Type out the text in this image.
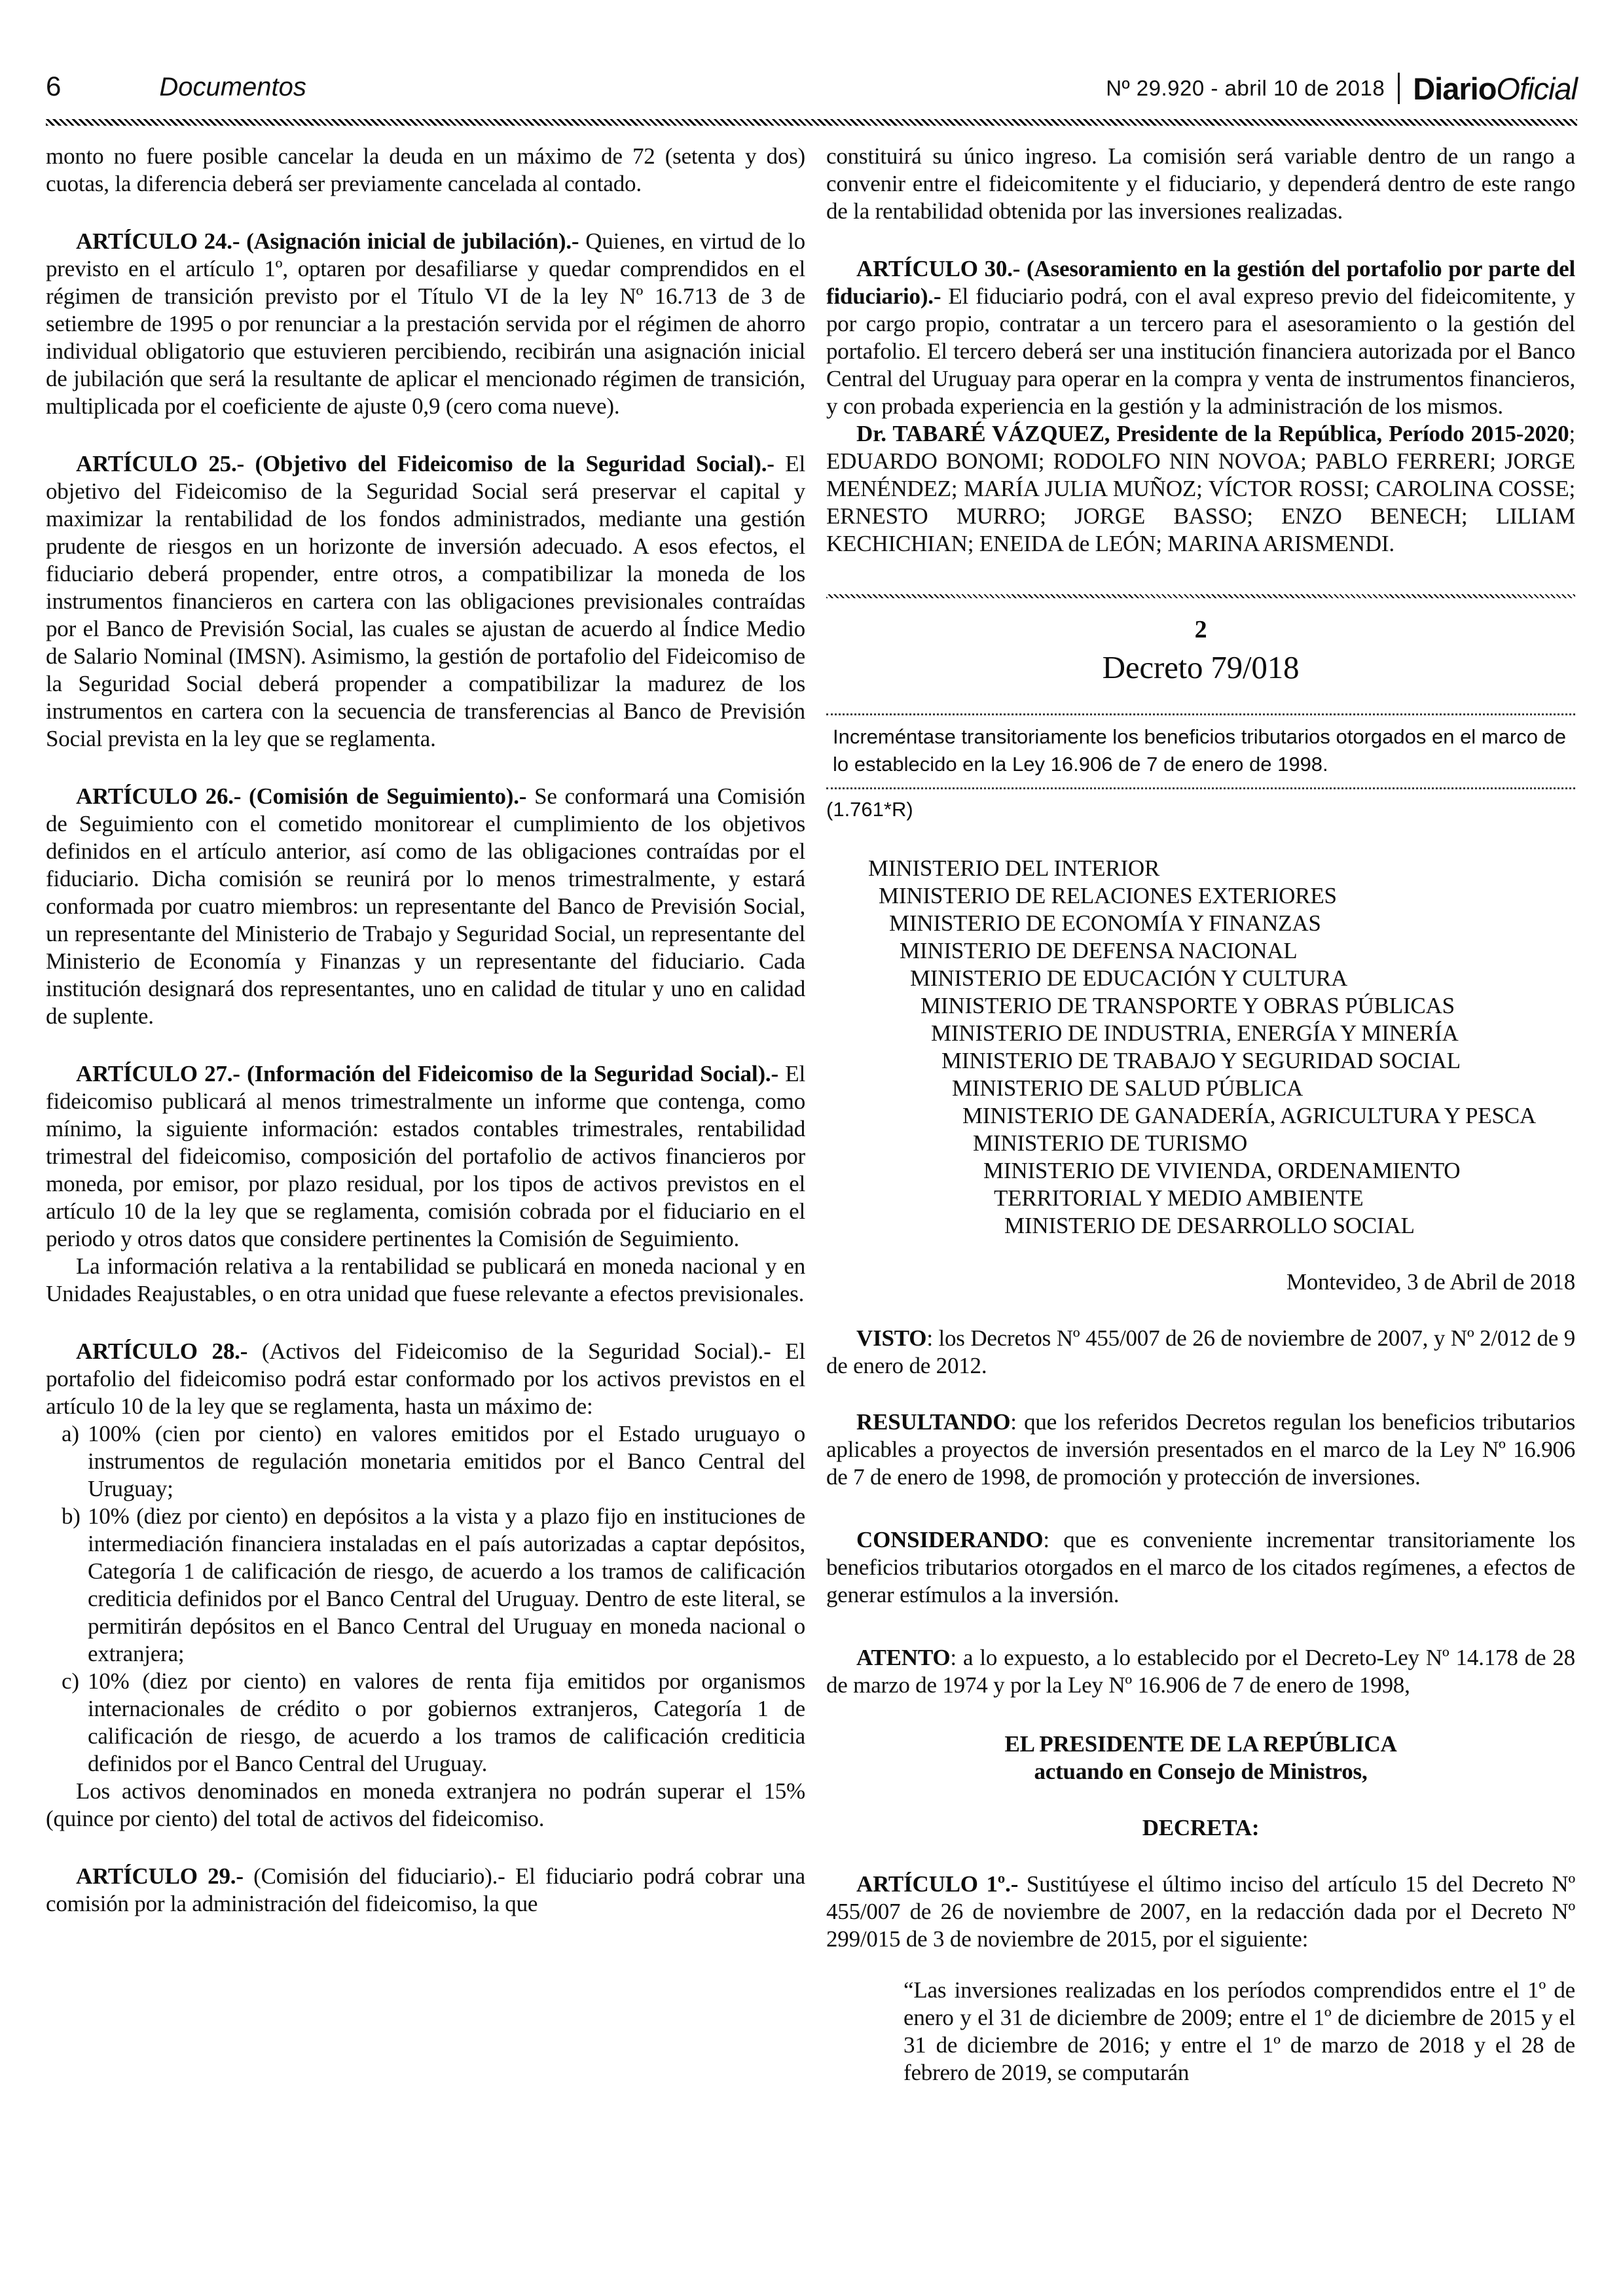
6	Documentos	Nº 29.920 - abril 10 de 2018 DiarioOficial

monto no fuere posible cancelar la deuda en un máximo de 72 (setenta y dos) cuotas, la diferencia deberá ser previamente cancelada al contado.

ARTÍCULO 24.- (Asignación inicial de jubilación).- Quienes, en virtud de lo previsto en el artículo 1º, optaren por desafiliarse y quedar comprendidos en el régimen de transición previsto por el Título VI de la ley Nº 16.713 de 3 de setiembre de 1995 o por renunciar a la prestación servida por el régimen de ahorro individual obligatorio que estuvieren percibiendo, recibirán una asignación inicial de jubilación que será la resultante de aplicar el mencionado régimen de transición, multiplicada por el coeficiente de ajuste 0,9 (cero coma nueve).

ARTÍCULO 25.- (Objetivo del Fideicomiso de la Seguridad Social).- El objetivo del Fideicomiso de la Seguridad Social será preservar el capital y maximizar la rentabilidad de los fondos administrados, mediante una gestión prudente de riesgos en un horizonte de inversión adecuado. A esos efectos, el fiduciario deberá propender, entre otros, a compatibilizar la moneda de los instrumentos financieros en cartera con las obligaciones previsionales contraídas por el Banco de Previsión Social, las cuales se ajustan de acuerdo al Índice Medio de Salario Nominal (IMSN). Asimismo, la gestión de portafolio del Fideicomiso de la Seguridad Social deberá propender a compatibilizar la madurez de los instrumentos en cartera con la secuencia de transferencias al Banco de Previsión Social prevista en la ley que se reglamenta.

ARTÍCULO 26.- (Comisión de Seguimiento).- Se conformará una Comisión de Seguimiento con el cometido monitorear el cumplimiento de los objetivos definidos en el artículo anterior, así como de las obligaciones contraídas por el fiduciario. Dicha comisión se reunirá por lo menos trimestralmente, y estará conformada por cuatro miembros: un representante del Banco de Previsión Social, un representante del Ministerio de Trabajo y Seguridad Social, un representante del Ministerio de Economía y Finanzas y un representante del fiduciario. Cada institución designará dos representantes, uno en calidad de titular y uno en calidad de suplente.

ARTÍCULO 27.- (Información del Fideicomiso de la Seguridad Social).- El fideicomiso publicará al menos trimestralmente un informe que contenga, como mínimo, la siguiente información: estados contables trimestrales, rentabilidad trimestral del fideicomiso, composición del portafolio de activos financieros por moneda, por emisor, por plazo residual, por los tipos de activos previstos en el artículo 10 de la ley que se reglamenta, comisión cobrada por el fiduciario en el periodo y otros datos que considere pertinentes la Comisión de Seguimiento.

La información relativa a la rentabilidad se publicará en moneda nacional y en Unidades Reajustables, o en otra unidad que fuese relevante a efectos previsionales.

ARTÍCULO 28.- (Activos del Fideicomiso de la Seguridad Social).- El portafolio del fideicomiso podrá estar conformado por los activos previstos en el artículo 10 de la ley que se reglamenta, hasta un máximo de:

a) 100% (cien por ciento) en valores emitidos por el Estado uruguayo o instrumentos de regulación monetaria emitidos por el Banco Central del Uruguay;
b) 10% (diez por ciento) en depósitos a la vista y a plazo fijo en instituciones de intermediación financiera instaladas en el país autorizadas a captar depósitos, Categoría 1 de calificación de riesgo, de acuerdo a los tramos de calificación crediticia definidos por el Banco Central del Uruguay. Dentro de este literal, se permitirán depósitos en el Banco Central del Uruguay en moneda nacional o extranjera;
c) 10% (diez por ciento) en valores de renta fija emitidos por organismos internacionales de crédito o por gobiernos extranjeros, Categoría 1 de calificación de riesgo, de acuerdo a los tramos de calificación crediticia definidos por el Banco Central del Uruguay.

Los activos denominados en moneda extranjera no podrán superar el 15% (quince por ciento) del total de activos del fideicomiso.

ARTÍCULO 29.- (Comisión del fiduciario).- El fiduciario podrá cobrar una comisión por la administración del fideicomiso, la que

constituirá su único ingreso. La comisión será variable dentro de un rango a convenir entre el fideicomitente y el fiduciario, y dependerá dentro de este rango de la rentabilidad obtenida por las inversiones realizadas.

ARTÍCULO 30.- (Asesoramiento en la gestión del portafolio por parte del fiduciario).- El fiduciario podrá, con el aval expreso previo del fideicomitente, y por cargo propio, contratar a un tercero para el asesoramiento o la gestión del portafolio. El tercero deberá ser una institución financiera autorizada por el Banco Central del Uruguay para operar en la compra y venta de instrumentos financieros, y con probada experiencia en la gestión y la administración de los mismos.

Dr. TABARÉ VÁZQUEZ, Presidente de la República, Período 2015-2020; EDUARDO BONOMI; RODOLFO NIN NOVOA; PABLO FERRERI; JORGE MENÉNDEZ; MARÍA JULIA MUÑOZ; VÍCTOR ROSSI; CAROLINA COSSE; ERNESTO MURRO; JORGE BASSO; ENZO BENECH; LILIAM KECHICHIAN; ENEIDA de LEÓN; MARINA ARISMENDI.

2
Decreto 79/018
Increméntase transitoriamente los beneficios tributarios otorgados en el marco de lo establecido en la Ley 16.906 de 7 de enero de 1998.
(1.761*R)
MINISTERIO DEL INTERIOR
MINISTERIO DE RELACIONES EXTERIORES
MINISTERIO DE ECONOMÍA Y FINANZAS
MINISTERIO DE DEFENSA NACIONAL
MINISTERIO DE EDUCACIÓN Y CULTURA
MINISTERIO DE TRANSPORTE Y OBRAS PÚBLICAS
MINISTERIO DE INDUSTRIA, ENERGÍA Y MINERÍA
MINISTERIO DE TRABAJO Y SEGURIDAD SOCIAL
MINISTERIO DE SALUD PÚBLICA
MINISTERIO DE GANADERÍA, AGRICULTURA Y PESCA
MINISTERIO DE TURISMO
MINISTERIO DE VIVIENDA, ORDENAMIENTO
TERRITORIAL Y MEDIO AMBIENTE
MINISTERIO DE DESARROLLO SOCIAL
Montevideo, 3 de Abril de 2018

VISTO: los Decretos Nº 455/007 de 26 de noviembre de 2007, y Nº 2/012 de 9 de enero de 2012.

RESULTANDO: que los referidos Decretos regulan los beneficios tributarios aplicables a proyectos de inversión presentados en el marco de la Ley Nº 16.906 de 7 de enero de 1998, de promoción y protección de inversiones.

CONSIDERANDO: que es conveniente incrementar transitoriamente los beneficios tributarios otorgados en el marco de los citados regímenes, a efectos de generar estímulos a la inversión.

ATENTO: a lo expuesto, a lo establecido por el Decreto-Ley Nº 14.178 de 28 de marzo de 1974 y por la Ley Nº 16.906 de 7 de enero de 1998,

EL PRESIDENTE DE LA REPÚBLICA
actuando en Consejo de Ministros,
DECRETA:

ARTÍCULO 1º.- Sustitúyese el último inciso del artículo 15 del Decreto Nº 455/007 de 26 de noviembre de 2007, en la redacción dada por el Decreto Nº 299/015 de 3 de noviembre de 2015, por el siguiente:

“Las inversiones realizadas en los períodos comprendidos entre el 1º de enero y el 31 de diciembre de 2009; entre el 1º de diciembre de 2015 y el 31 de diciembre de 2016; y entre el 1º de marzo de 2018 y el 28 de febrero de 2019, se computarán
